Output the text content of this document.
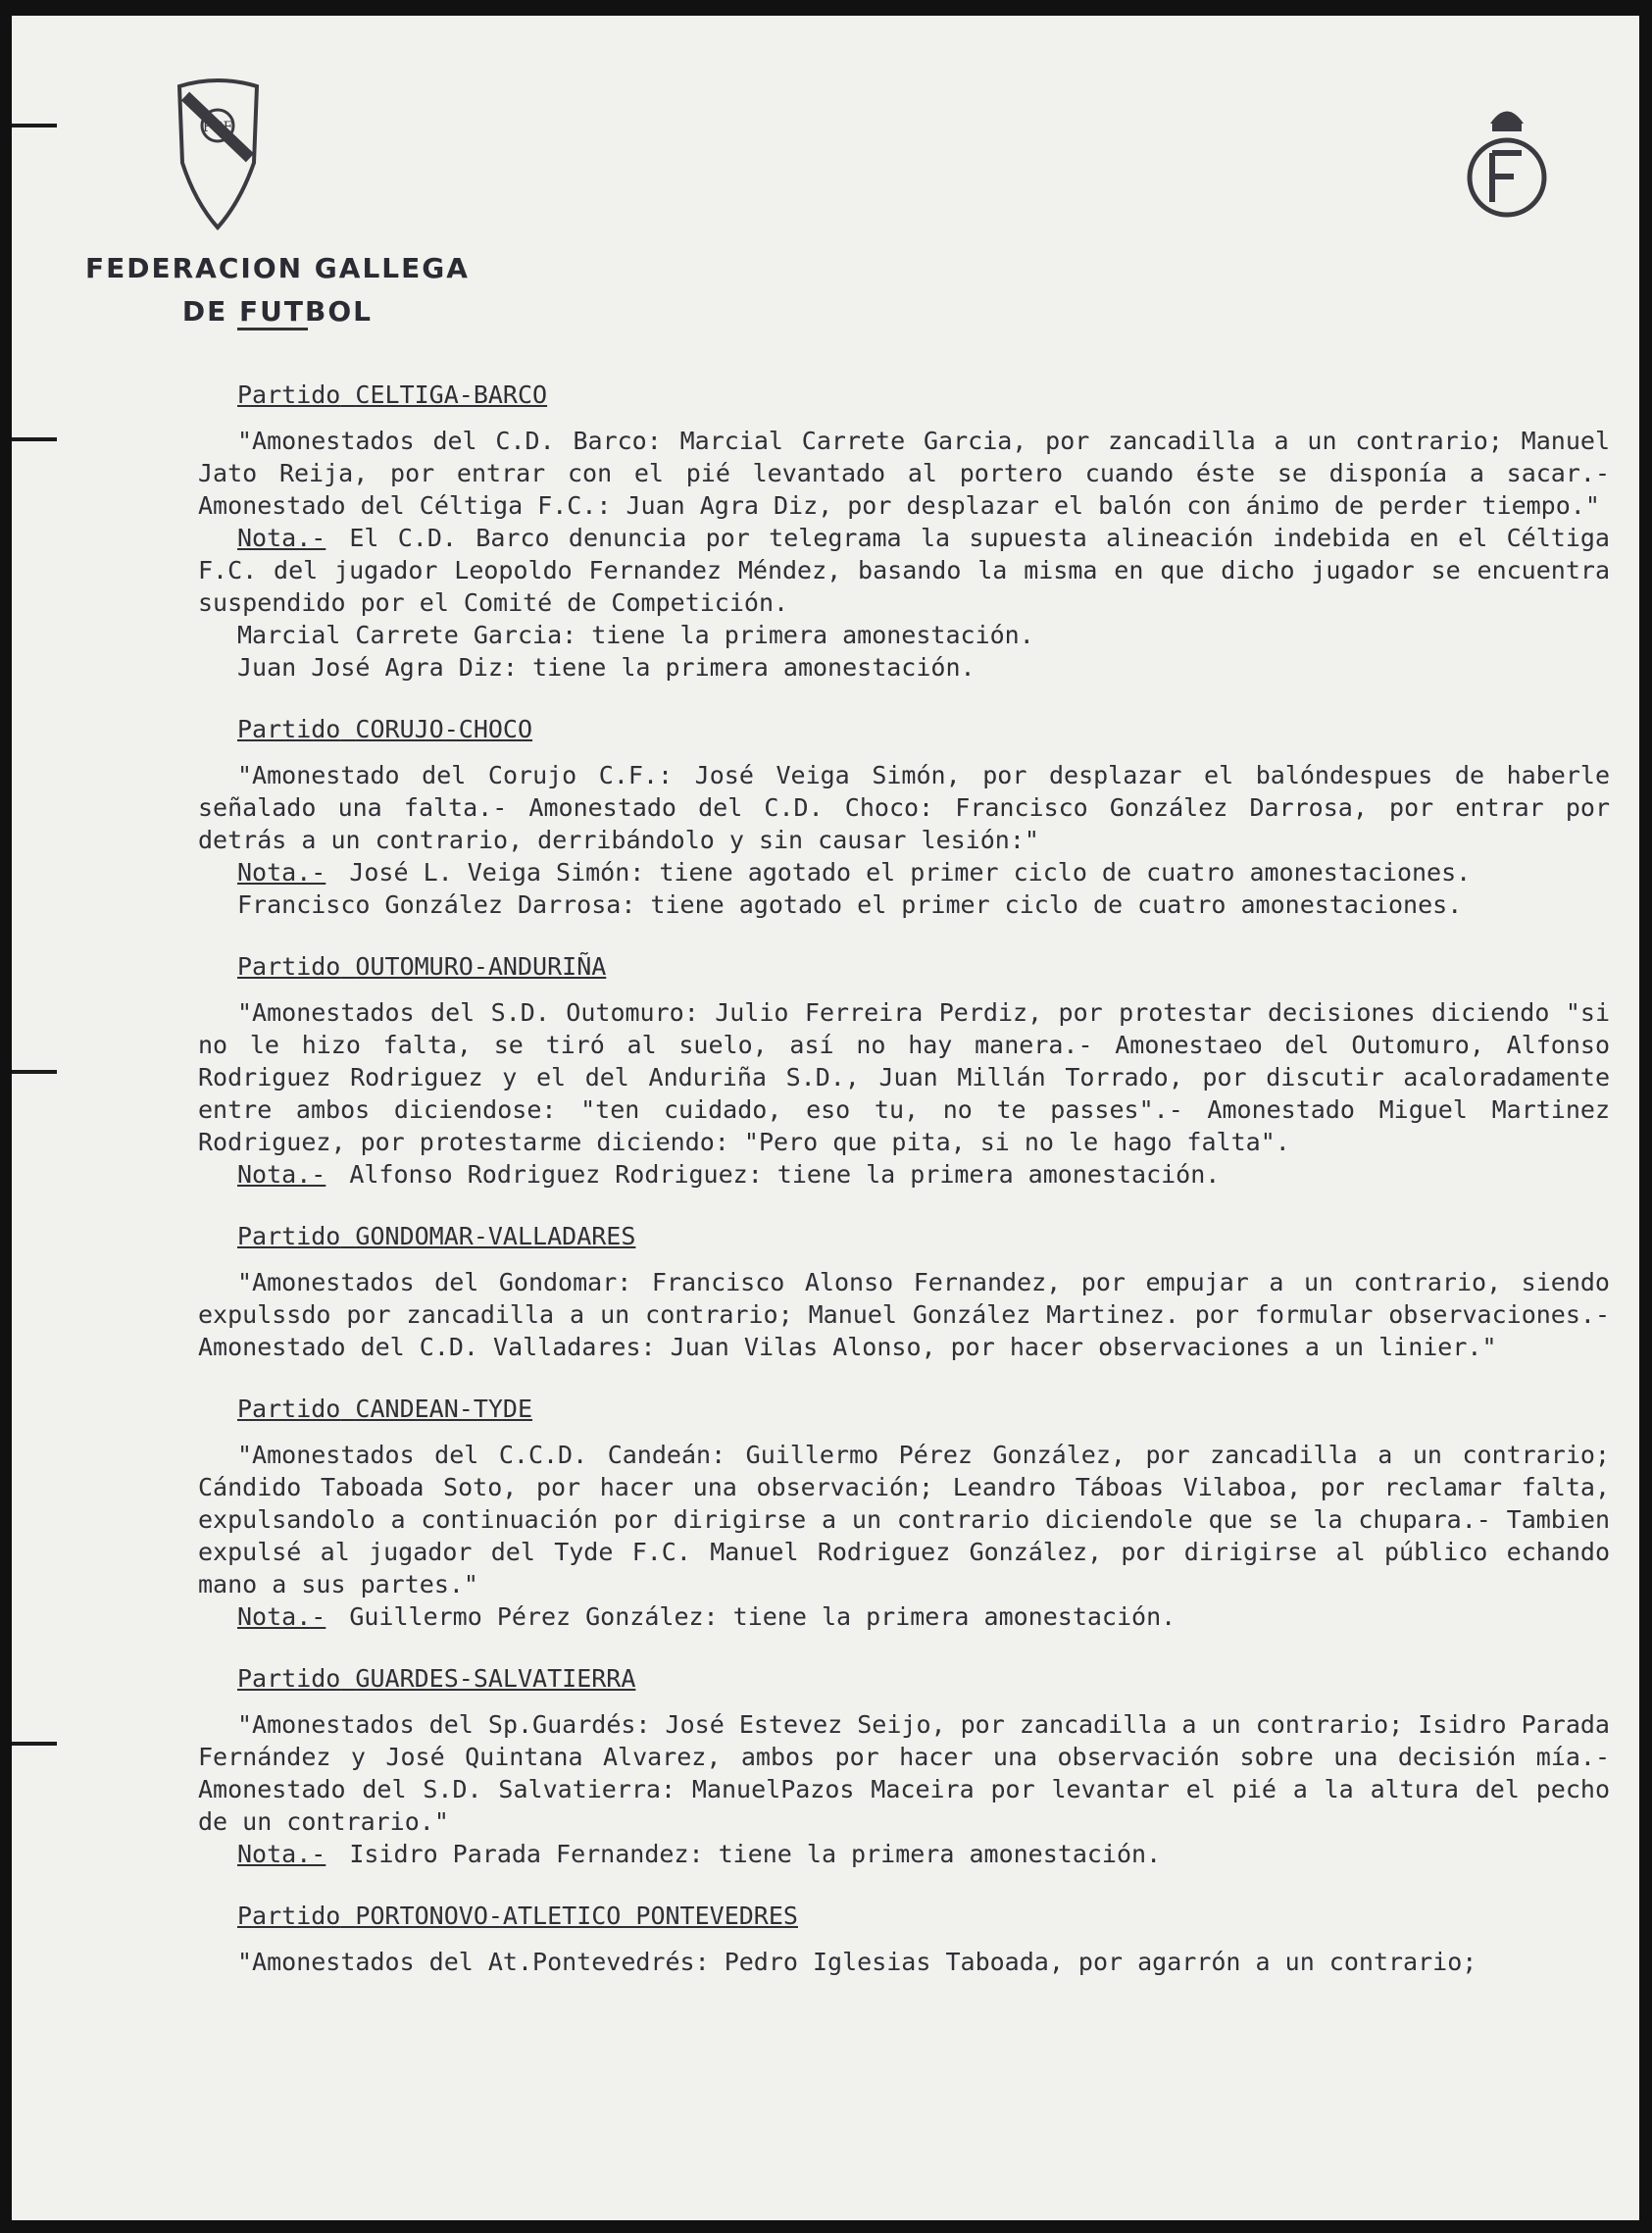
FGF
FEDERACION GALLEGA
DE FUTBOL
Partido CELTIGA-BARCO

"Amonestados del C.D. Barco: Marcial Carrete Garcia, por zancadilla a un contrario; Manuel Jato Reija, por entrar con el pié levantado al portero cuando éste se disponía a sacar.- Amonestado del Céltiga F.C.: Juan Agra Diz, por desplazar el balón con ánimo de perder tiempo."

Nota.- El C.D. Barco denuncia por telegrama la supuesta alineación indebida en el Céltiga F.C. del jugador Leopoldo Fernandez Méndez, basando la misma en que dicho jugador se encuentra suspendido por el Comité de Competición.

Marcial Carrete Garcia: tiene la primera amonestación.
Juan José Agra Diz: tiene la primera amonestación.
Partido CORUJO-CHOCO

"Amonestado del Corujo C.F.: José Veiga Simón, por desplazar el balóndespues de haberle señalado una falta.- Amonestado del C.D. Choco: Francisco González Darrosa, por entrar por detrás a un contrario, derribándolo y sin causar lesión:"

Nota.- José L. Veiga Simón: tiene agotado el primer ciclo de cuatro amonestaciones.
Francisco González Darrosa: tiene agotado el primer ciclo de cuatro amonestaciones.
Partido OUTOMURO-ANDURIÑA

"Amonestados del S.D. Outomuro: Julio Ferreira Perdiz, por protestar decisiones diciendo "si no le hizo falta, se tiró al suelo, así no hay manera.- Amonestaeo del Outomuro, Alfonso Rodriguez Rodriguez y el del Anduriña S.D., Juan Millán Torrado, por discutir acaloradamente entre ambos diciendose: "ten cuidado, eso tu, no te passes".- Amonestado Miguel Martinez Rodriguez, por protestarme diciendo: "Pero que pita, si no le hago falta".

Nota.- Alfonso Rodriguez Rodriguez: tiene la primera amonestación.
Partido GONDOMAR-VALLADARES

"Amonestados del Gondomar: Francisco Alonso Fernandez, por empujar a un contrario, siendo expulssdo por zancadilla a un contrario; Manuel González Martinez. por formular observaciones.- Amonestado del C.D. Valladares: Juan Vilas Alonso, por hacer observaciones a un linier."

Partido CANDEAN-TYDE

"Amonestados del C.C.D. Candeán: Guillermo Pérez González, por zancadilla a un contrario; Cándido Taboada Soto, por hacer una observación; Leandro Táboas Vilaboa, por reclamar falta, expulsandolo a continuación por dirigirse a un contrario diciendole que se la chupara.- Tambien expulsé al jugador del Tyde F.C. Manuel Rodriguez González, por dirigirse al público echando mano a sus partes."

Nota.- Guillermo Pérez González: tiene la primera amonestación.
Partido GUARDES-SALVATIERRA

"Amonestados del Sp.Guardés: José Estevez Seijo, por zancadilla a un contrario; Isidro Parada Fernández y José Quintana Alvarez, ambos por hacer una observación sobre una decisión mía.- Amonestado del S.D. Salvatierra: ManuelPazos Maceira por levantar el pié a la altura del pecho de un contrario."

Nota.- Isidro Parada Fernandez: tiene la primera amonestación.
Partido PORTONOVO-ATLETICO PONTEVEDRES

"Amonestados del At.Pontevedrés: Pedro Iglesias Taboada, por agarrón a un contrario;
